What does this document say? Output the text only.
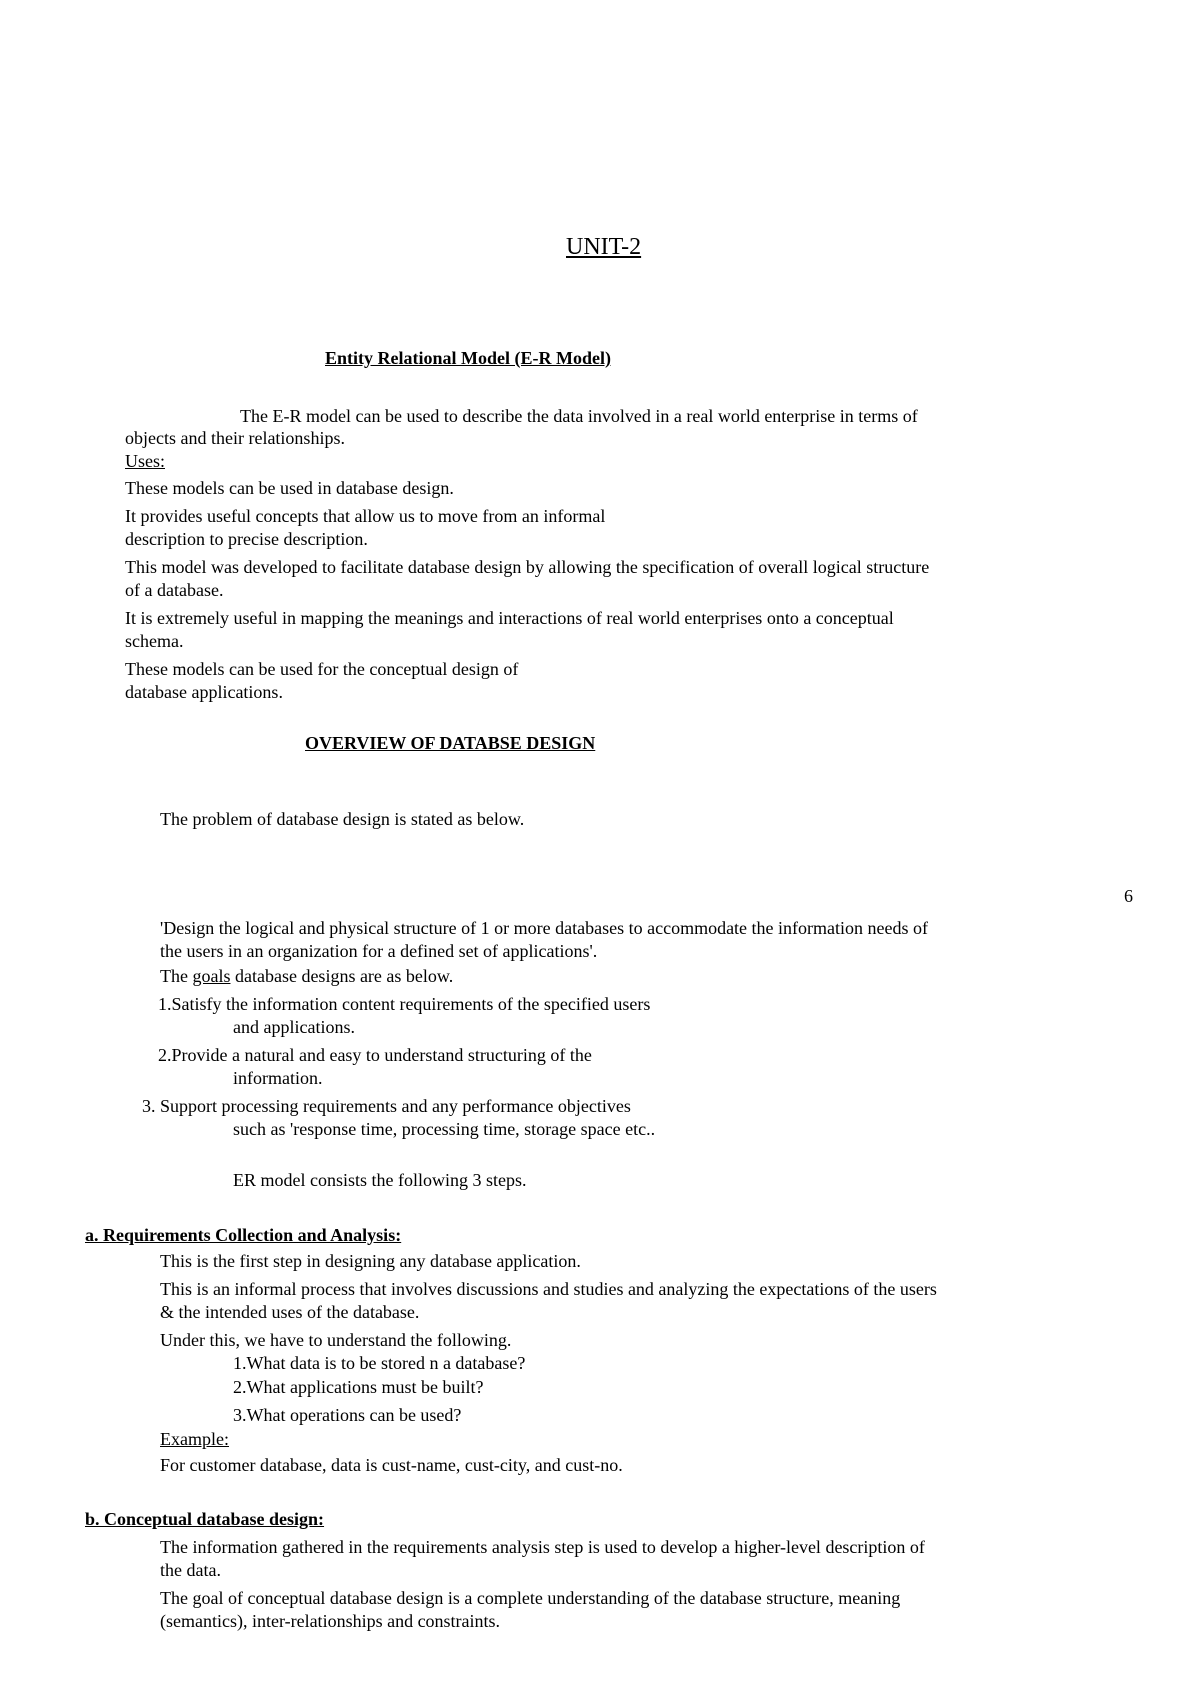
UNIT-2
Entity Relational Model (E-R Model)
The E-R model can be used to describe the data involved in a real world enterprise in terms of
objects and their relationships.
Uses:
These models can be used in database design.
It provides useful concepts that allow us to move from an informal
description to precise description.
This model was developed to facilitate database design by allowing the specification of overall logical structure
of a database.
It is extremely useful in mapping the meanings and interactions of real world enterprises onto a conceptual
schema.
These models can be used for the conceptual design of
database applications.
OVERVIEW OF DATABSE DESIGN
The problem of database design is stated as below.
6
'Design the logical and physical structure of 1 or more databases to accommodate the information needs of
the users in an organization for a defined set of applications'.
The goals database designs are as below.
1.Satisfy the information content requirements of the specified users
and applications.
2.Provide a natural and easy to understand structuring of the
information.
3. Support processing requirements and any performance objectives
such as 'response time, processing time, storage space etc..
ER model consists the following 3 steps.
a. Requirements Collection and Analysis:
This is the first step in designing any database application.
This is an informal process that involves discussions and studies and analyzing the expectations of the users
& the intended uses of the database.
Under this, we have to understand the following.
1.What data is to be stored n a database?
2.What applications must be built?
3.What operations can be used?
Example:
For customer database, data is cust-name, cust-city, and cust-no.
b. Conceptual database design:
The information gathered in the requirements analysis step is used to develop a higher-level description of
the data.
The goal of conceptual database design is a complete understanding of the database structure, meaning
(semantics), inter-relationships and constraints.
